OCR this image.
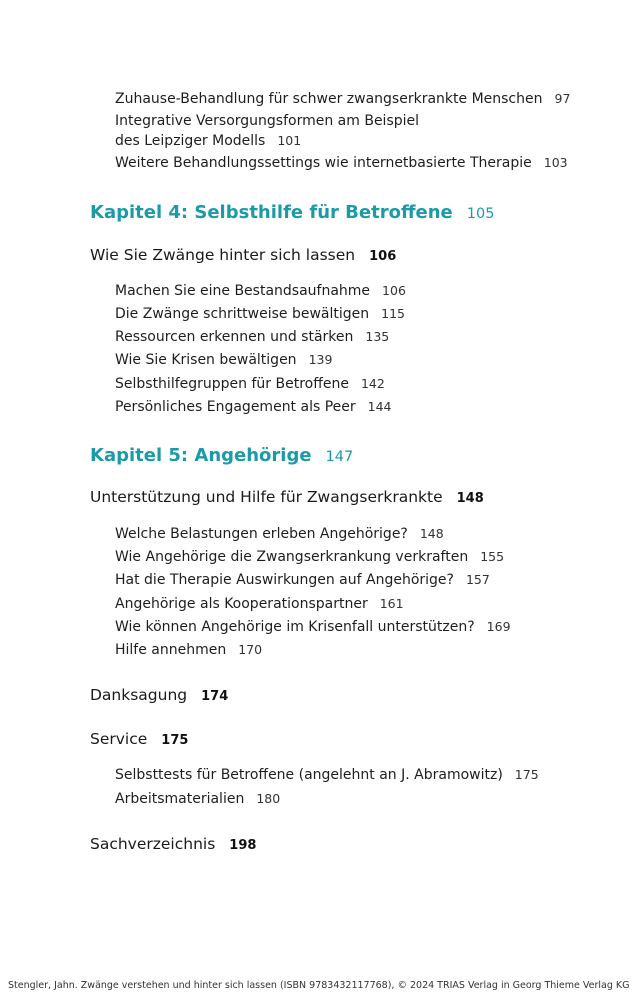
Zuhause-Behandlung für schwer zwangserkrankte Menschen 97
Integrative Versorgungsformen am Beispiel
des Leipziger Modells 101
Weitere Behandlungssettings wie internetbasierte Therapie 103
Kapitel 4: Selbsthilfe für Betroffene 105
Wie Sie Zwänge hinter sich lassen 106
Machen Sie eine Bestandsaufnahme 106
Die Zwänge schrittweise bewältigen 115
Ressourcen erkennen und stärken 135
Wie Sie Krisen bewältigen 139
Selbsthilfegruppen für Betroffene 142
Persönliches Engagement als Peer 144
Kapitel 5: Angehörige 147
Unterstützung und Hilfe für Zwangserkrankte 148
Welche Belastungen erleben Angehörige? 148
Wie Angehörige die Zwangserkrankung verkraften 155
Hat die Therapie Auswirkungen auf Angehörige? 157
Angehörige als Kooperationspartner 161
Wie können Angehörige im Krisenfall unterstützen? 169
Hilfe annehmen 170
Danksagung 174
Service 175
Selbsttests für Betroffene (angelehnt an J. Abramowitz) 175
Arbeitsmaterialien 180
Sachverzeichnis 198
Stengler, Jahn. Zwänge verstehen und hinter sich lassen (ISBN 9783432117768), © 2024 TRIAS Verlag in Georg Thieme Verlag KG
